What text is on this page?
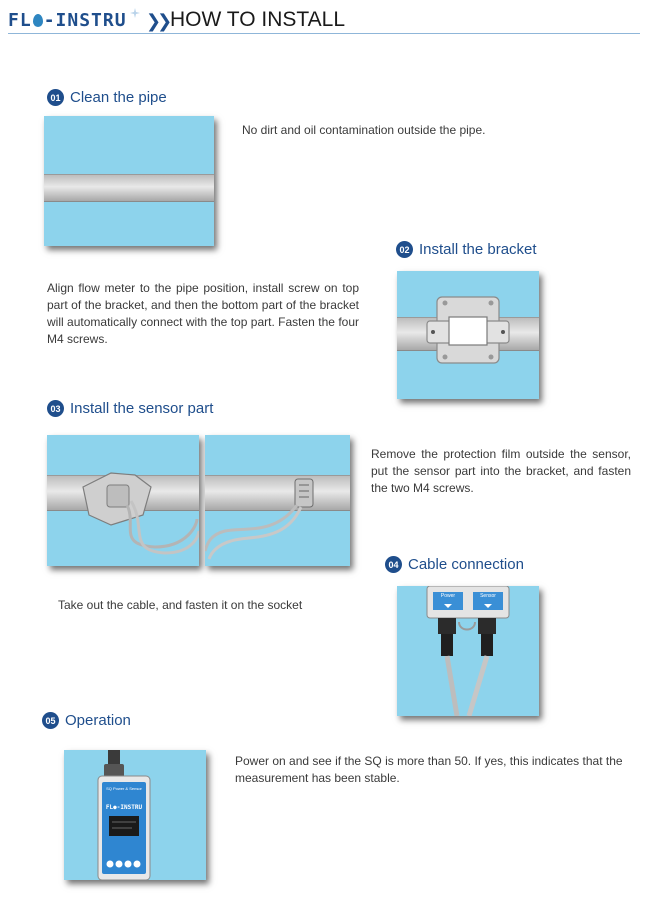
FL -INSTRU ❯❯ HOW TO INSTALL
01 Clean the pipe
No dirt and oil contamination outside the pipe.
02 Install the bracket
Align flow meter to the pipe position, install screw on top part of the bracket, and then the bottom part of the bracket will automatically connect with the top part. Fasten the four M4 screws.
03 Install the sensor part
Remove the protection film outside the sensor, put the sensor part into the bracket, and fasten the two M4 screws.
04 Cable connection
Take out the cable, and fasten it on the socket
Power	Sensor
05 Operation
SQ Power & Sensor
FL●-INSTRU
Power on and see if the SQ is more than 50. If yes, this indicates that the measurement has been stable.
